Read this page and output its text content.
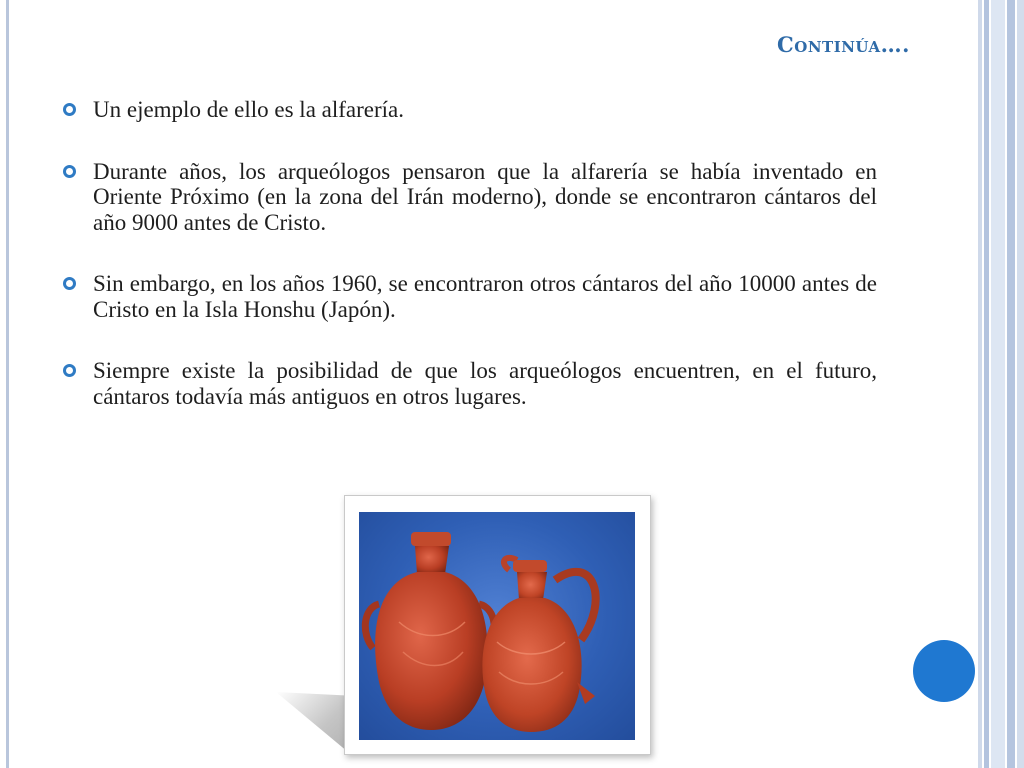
Continúa….
Un ejemplo de ello es la alfarería.
Durante años, los arqueólogos pensaron que la alfarería se había inventado en Oriente Próximo (en la zona del Irán moderno), donde se encontraron cántaros del año 9000 antes de Cristo.
Sin embargo, en los años 1960, se encontraron otros cántaros del año 10000 antes de Cristo en la Isla Honshu (Japón).
Siempre existe la posibilidad de que los arqueólogos encuentren, en el futuro, cántaros todavía más antiguos en otros lugares.
